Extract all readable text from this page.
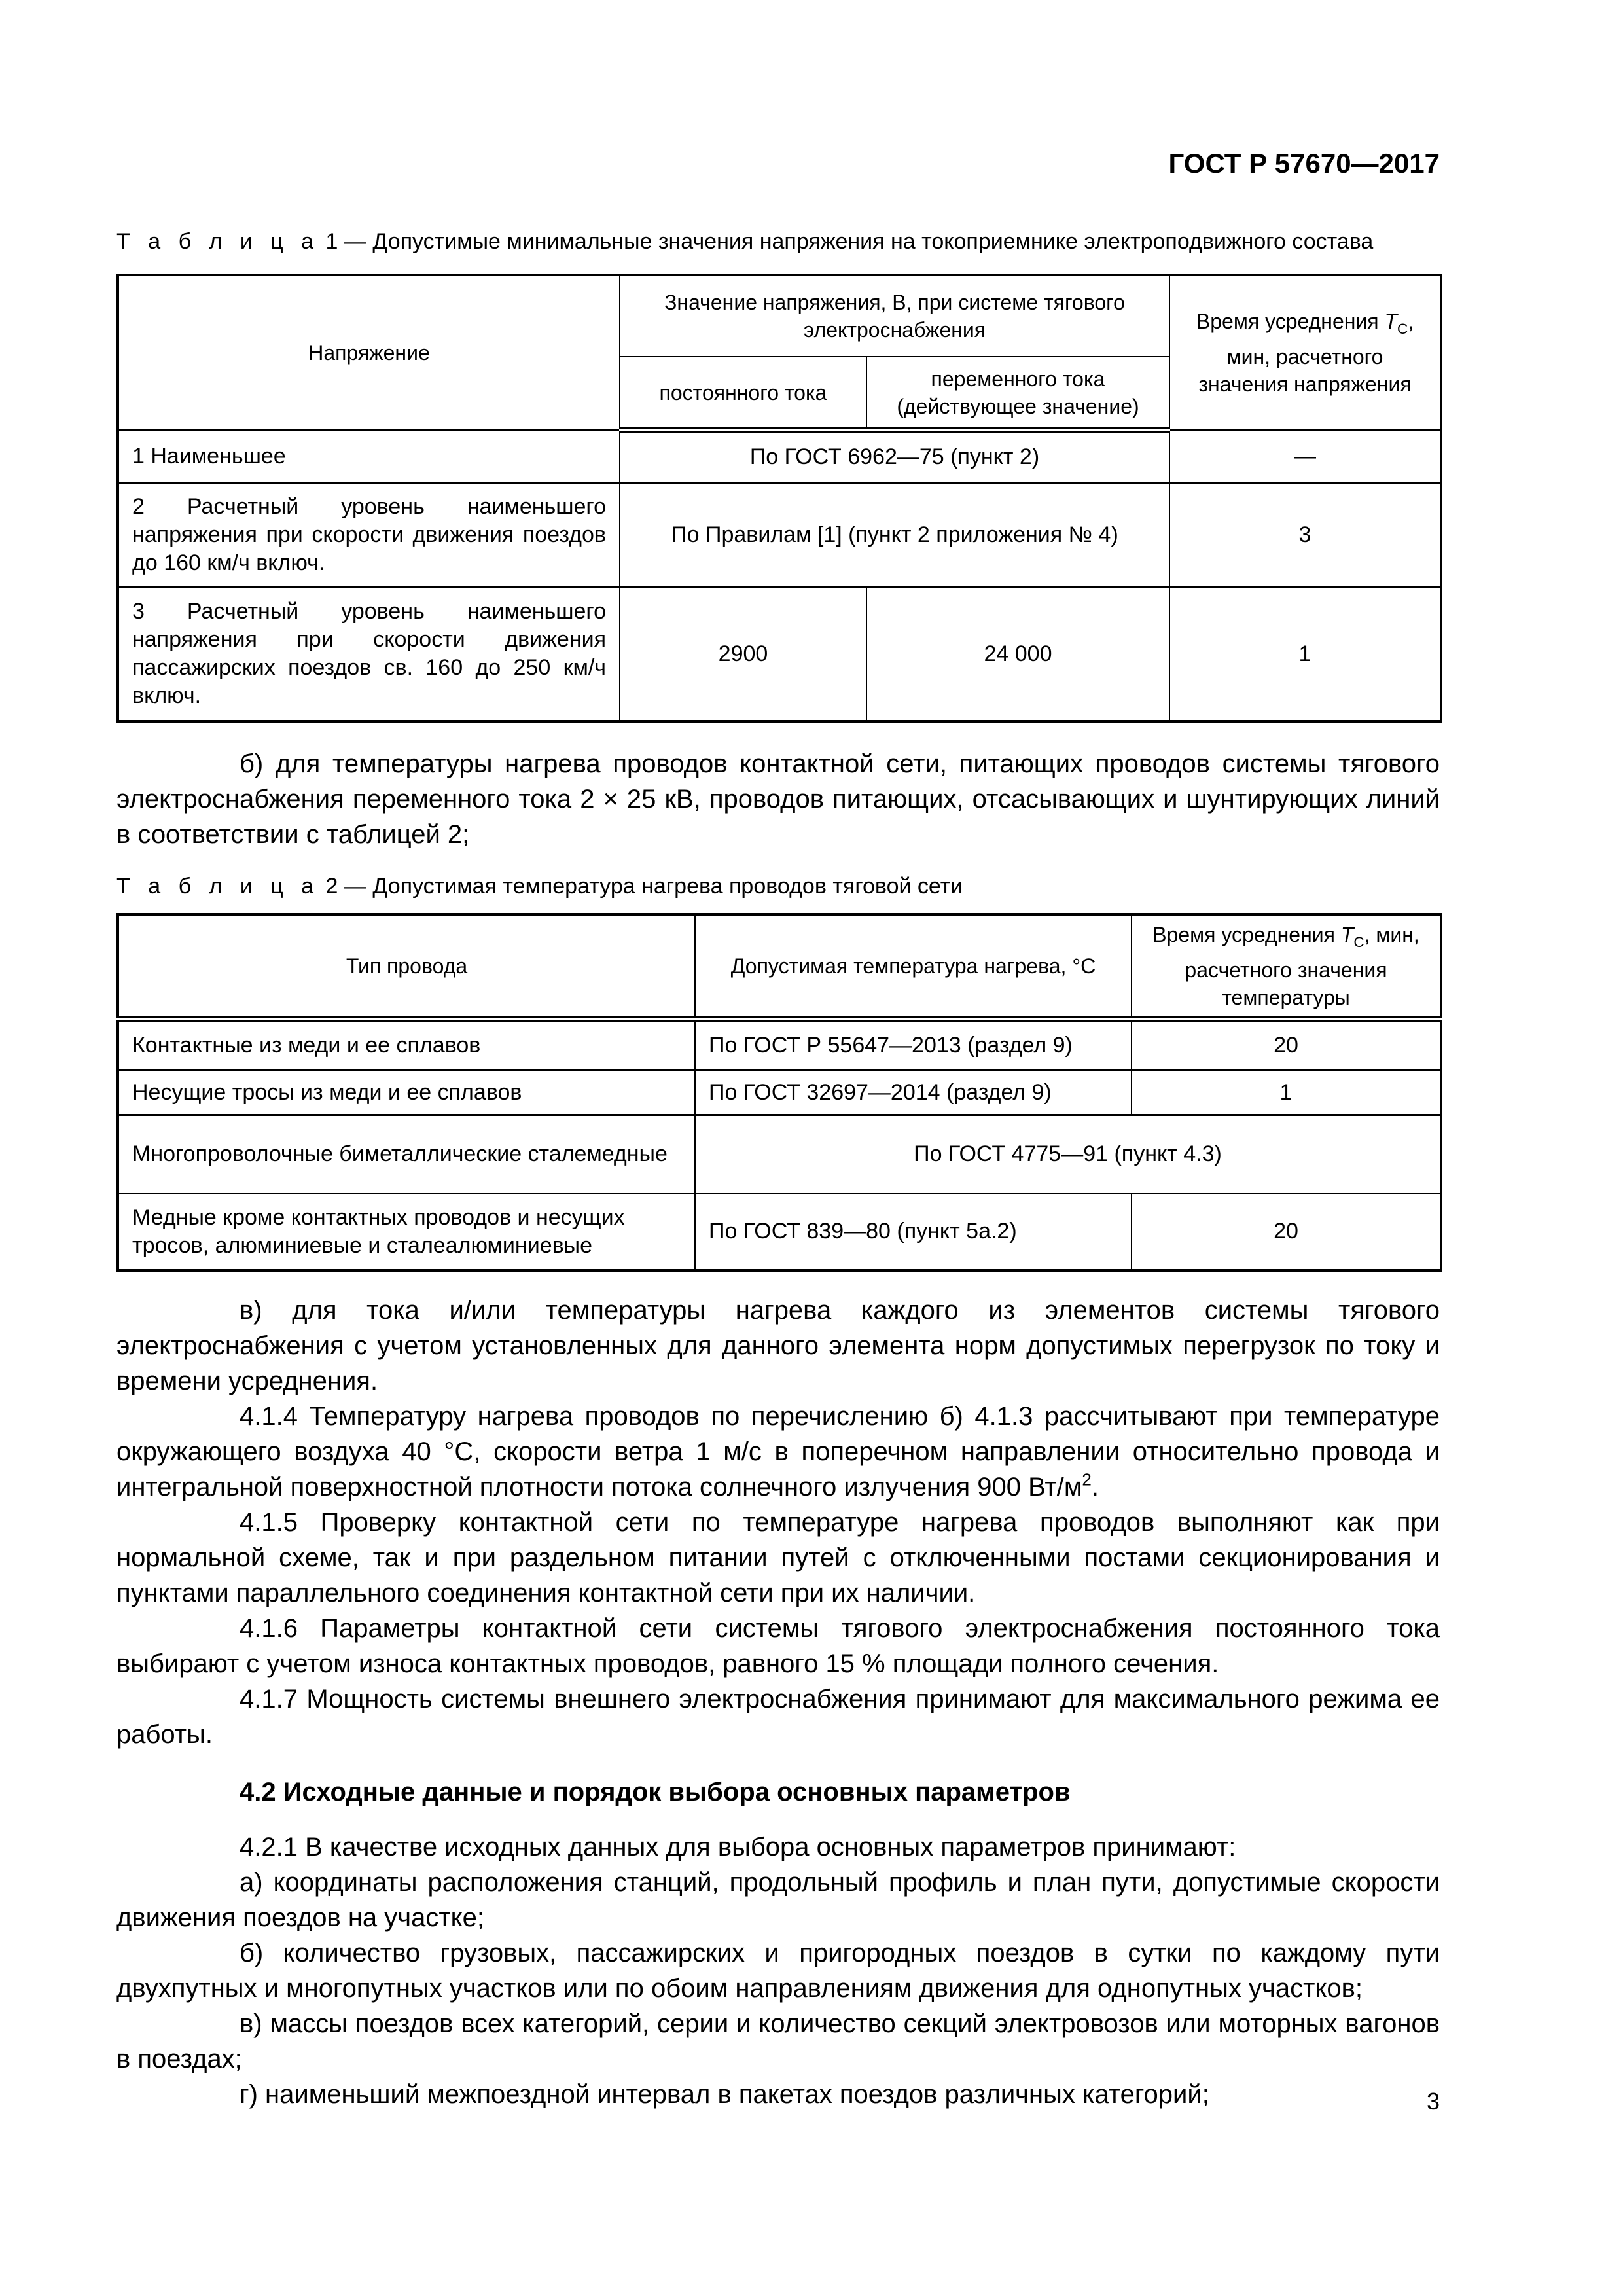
ГОСТ Р 57670—2017
Т а б л и ц а 1 — Допустимые минимальные значения напряжения на токоприемнике электроподвижного состава
Напряжение	Значение напряжения, В, при системе тягового электроснабжения		Время усреднения $T_С$, мин, расчетного значения напряжения
	постоянного тока	переменного тока (действующее значение)	
1 Наименьшее	По ГОСТ 6962—75 (пункт 2)		—
2 Расчетный уровень наименьшего напряжения при скорости движения поездов до 160 км/ч включ.	По Правилам [1] (пункт 2 приложения № 4)		3
3 Расчетный уровень наименьшего напряжения при скорости движения пассажирских поездов св. 160 до 250 км/ч включ.	2900	24 000	1

б) для температуры нагрева проводов контактной сети, питающих проводов системы тягового электроснабжения переменного тока 2 × 25 кВ, проводов питающих, отсасывающих и шунтирующих линий в соответствии с таблицей 2;

Т а б л и ц а 2 — Допустимая температура нагрева проводов тяговой сети
Тип провода	Допустимая температура нагрева, °С	Время усреднения $T_С$, мин, расчетного значения температуры
Контактные из меди и ее сплавов	По ГОСТ Р 55647—2013 (раздел 9)	20
Несущие тросы из меди и ее сплавов	По ГОСТ 32697—2014 (раздел 9)	1
Многопроволочные биметаллические сталемедные	По ГОСТ 4775—91 (пункт 4.3)	
Медные кроме контактных проводов и несущих тросов, алюминиевые и сталеалюминиевые	По ГОСТ 839—80 (пункт 5а.2)	20

в) для тока и/или температуры нагрева каждого из элементов системы тягового электроснабжения с учетом установленных для данного элемента норм допустимых перегрузок по току и времени усреднения.

4.1.4 Температуру нагрева проводов по перечислению б) 4.1.3 рассчитывают при температуре окружающего воздуха 40 °С, скорости ветра 1 м/с в поперечном направлении относительно провода и интегральной поверхностной плотности потока солнечного излучения 900 $Вт/м^2$.

4.1.5 Проверку контактной сети по температуре нагрева проводов выполняют как при нормальной схеме, так и при раздельном питании путей с отключенными постами секционирования и пунктами параллельного соединения контактной сети при их наличии.

4.1.6 Параметры контактной сети системы тягового электроснабжения постоянного тока выбирают с учетом износа контактных проводов, равного 15 % площади полного сечения.

4.1.7 Мощность системы внешнего электроснабжения принимают для максимального режима ее работы.

4.2 Исходные данные и порядок выбора основных параметров

4.2.1 В качестве исходных данных для выбора основных параметров принимают:

а) координаты расположения станций, продольный профиль и план пути, допустимые скорости движения поездов на участке;

б) количество грузовых, пассажирских и пригородных поездов в сутки по каждому пути двухпутных и многопутных участков или по обоим направлениям движения для однопутных участков;

в) массы поездов всех категорий, серии и количество секций электровозов или моторных вагонов в поездах;

г) наименьший межпоездной интервал в пакетах поездов различных категорий;	3
